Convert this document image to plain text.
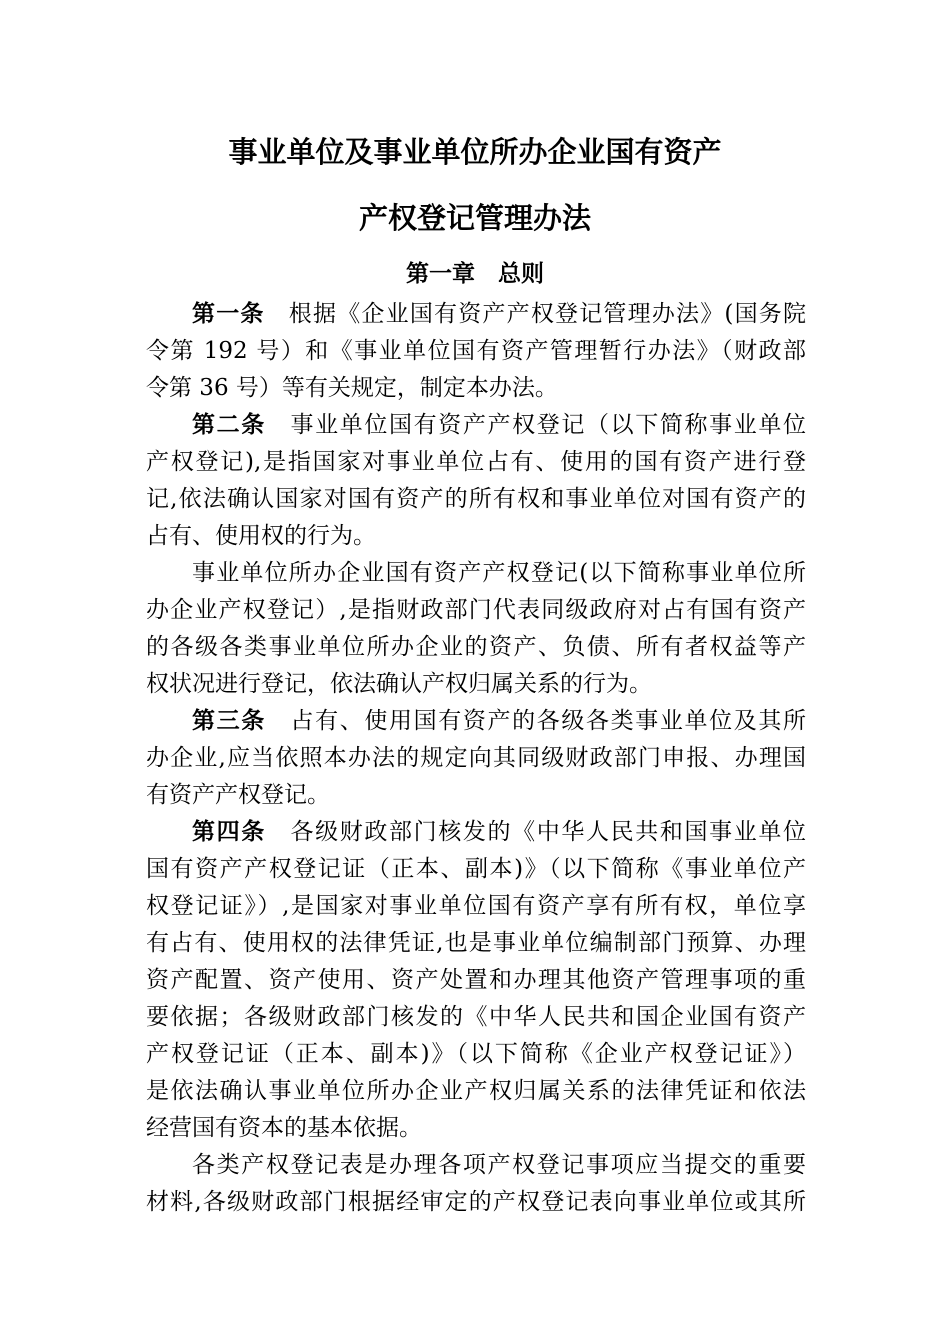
事业单位及事业单位所办企业国有资产
产权登记管理办法
第一章　总则
第一条　根据《企业国有资产产权登记管理办法》(国务院
令第 192 号）和《事业单位国有资产管理暂行办法》（财政部
令第 36 号）等有关规定，制定本办法。
第二条　事业单位国有资产产权登记（以下简称事业单位
产权登记),是指国家对事业单位占有、使用的国有资产进行登
记,依法确认国家对国有资产的所有权和事业单位对国有资产的
占有、使用权的行为。
事业单位所办企业国有资产产权登记(以下简称事业单位所
办企业产权登记）,是指财政部门代表同级政府对占有国有资产
的各级各类事业单位所办企业的资产、负债、所有者权益等产
权状况进行登记，依法确认产权归属关系的行为。
第三条　占有、使用国有资产的各级各类事业单位及其所
办企业,应当依照本办法的规定向其同级财政部门申报、办理国
有资产产权登记。
第四条　各级财政部门核发的《中华人民共和国事业单位
国有资产产权登记证（正本、副本)》（以下简称《事业单位产
权登记证》）,是国家对事业单位国有资产享有所有权，单位享
有占有、使用权的法律凭证,也是事业单位编制部门预算、办理
资产配置、资产使用、资产处置和办理其他资产管理事项的重
要依据；各级财政部门核发的《中华人民共和国企业国有资产
产权登记证（正本、副本)》（以下简称《企业产权登记证》）
是依法确认事业单位所办企业产权归属关系的法律凭证和依法
经营国有资本的基本依据。
各类产权登记表是办理各项产权登记事项应当提交的重要
材料,各级财政部门根据经审定的产权登记表向事业单位或其所
